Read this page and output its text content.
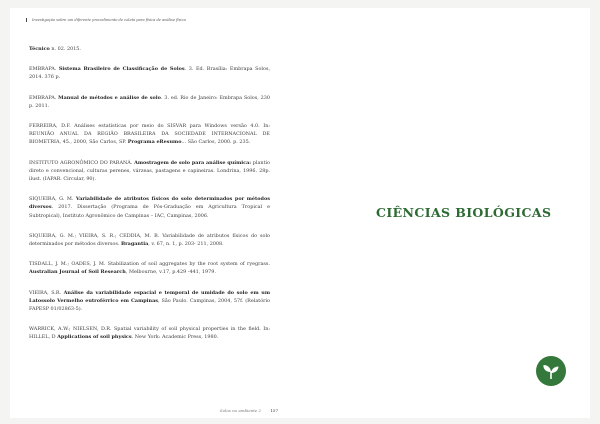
Investigação sobre um diferente procedimento de coleta para física de análise física

Técnico n. 02. 2015.

EMBRAPA. Sistema Brasileiro de Classificação de Solos. 3. Ed. Brasília: Embrapa Solos, 2014. 376 p.

EMBRAPA. Manual de métodos e análise de solo. 3. ed. Rio de Janeiro: Embrapa Solos, 230 p. 2011.

FERREIRA, D.F. Análises estatísticas por meio do SISVAR para Windows versão 4.0. In: REUNIÃO ANUAL DA REGIÃO BRASILEIRA DA SOCIEDADE INTERNACIONAL DE BIOMETRIA, 45., 2000, São Carlos, SP. Programa eResumo... São Carlos, 2000. p. 235.

INSTITUTO AGRONÔMICO DO PARANÁ. Amostragem de solo para análise química: plantio direto e convencional, culturas perenes, várzeas, pastagens e capineiras. Londrina, 1996. 28p. ilust. (IAPAR. Circular, 90).

SIQUEIRA, G. M. Variabilidade de atributos físicos do solo determinados por métodos diversos. 2017. Dissertação (Programa de Pós-Graduação em Agricultura Tropical e Subtropical), Instituto Agronômico de Campinas – IAC, Campinas, 2006.

SIQUEIRA, G. M.; VIEIRA, S. R.; CEDDIA, M. B. Variabilidade de atributos físicos do solo determinados por métodos diversos. Bragantia, v. 67, n. 1, p. 203- 211, 2008.

TISDALL, J. M.; OADES, J. M. Stabilization of soil aggregates by the root system of ryegrass. Australian Journal of Soil Research, Melbourne, v.17, p.429 -441, 1979.

VIEIRA, S.R. Análise da variabilidade espacial e temporal de umidade do solo em um Latossolo Vermelho eutroférrico em Campinas, São Paulo. Campinas, 2004, 57f. (Relatório FAPESP 01/02863-5).

WARRICK, A.W.; NIELSEN, D.R. Spatial variability of soil physical properties in the field. In: HILLEL, D Applications of soil physics. New York: Academic Press, 1980.

Solos no ambiente 2 157
CIÊNCIAS BIOLÓGICAS
